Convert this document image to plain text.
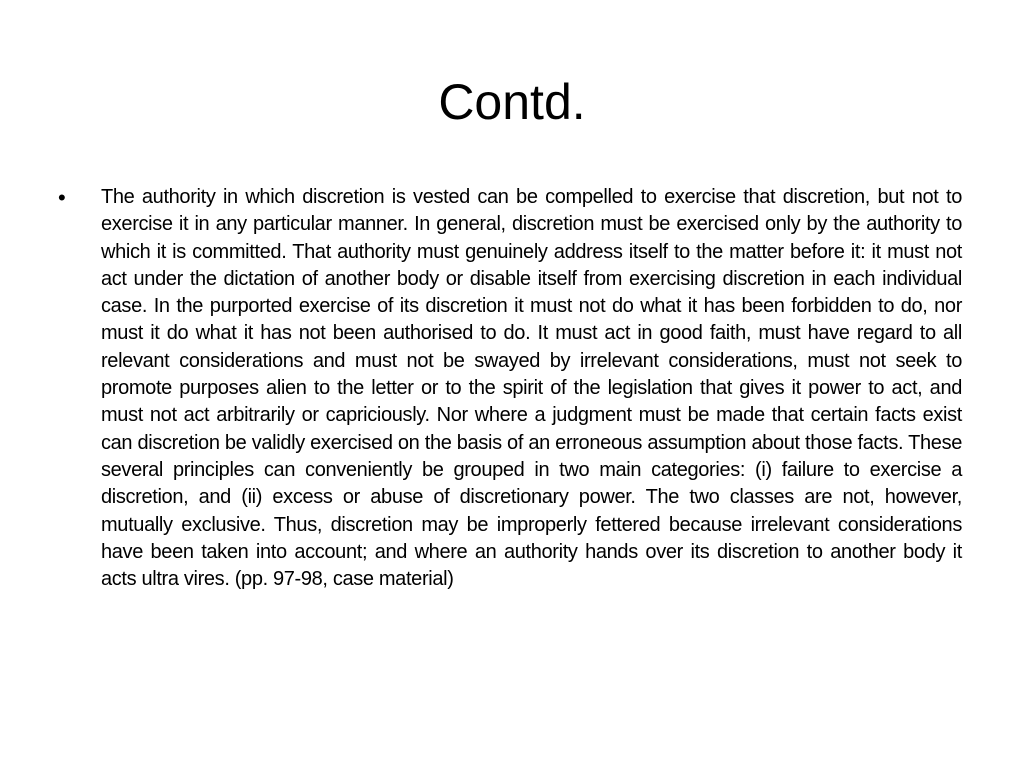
Contd.
• The authority in which discretion is vested can be compelled to exercise that discretion, but not to exercise it in any particular manner. In general, discretion must be exercised only by the authority to which it is committed. That authority must genuinely address itself to the matter before it: it must not act under the dictation of another body or disable itself from exercising discretion in each individual case. In the purported exercise of its discretion it must not do what it has been forbidden to do, nor must it do what it has not been authorised to do. It must act in good faith, must have regard to all relevant considerations and must not be swayed by irrelevant considerations, must not seek to promote purposes alien to the letter or to the spirit of the legislation that gives it power to act, and must not act arbitrarily or capriciously. Nor where a judgment must be made that certain facts exist can discretion be validly exercised on the basis of an erroneous assumption about those facts. These several principles can conveniently be grouped in two main categories: (i) failure to exercise a discretion, and (ii) excess or abuse of discretionary power. The two classes are not, however, mutually exclusive. Thus, discretion may be improperly fettered because irrelevant considerations have been taken into account; and where an authority hands over its discretion to another body it acts ultra vires. (pp. 97-98, case material)
